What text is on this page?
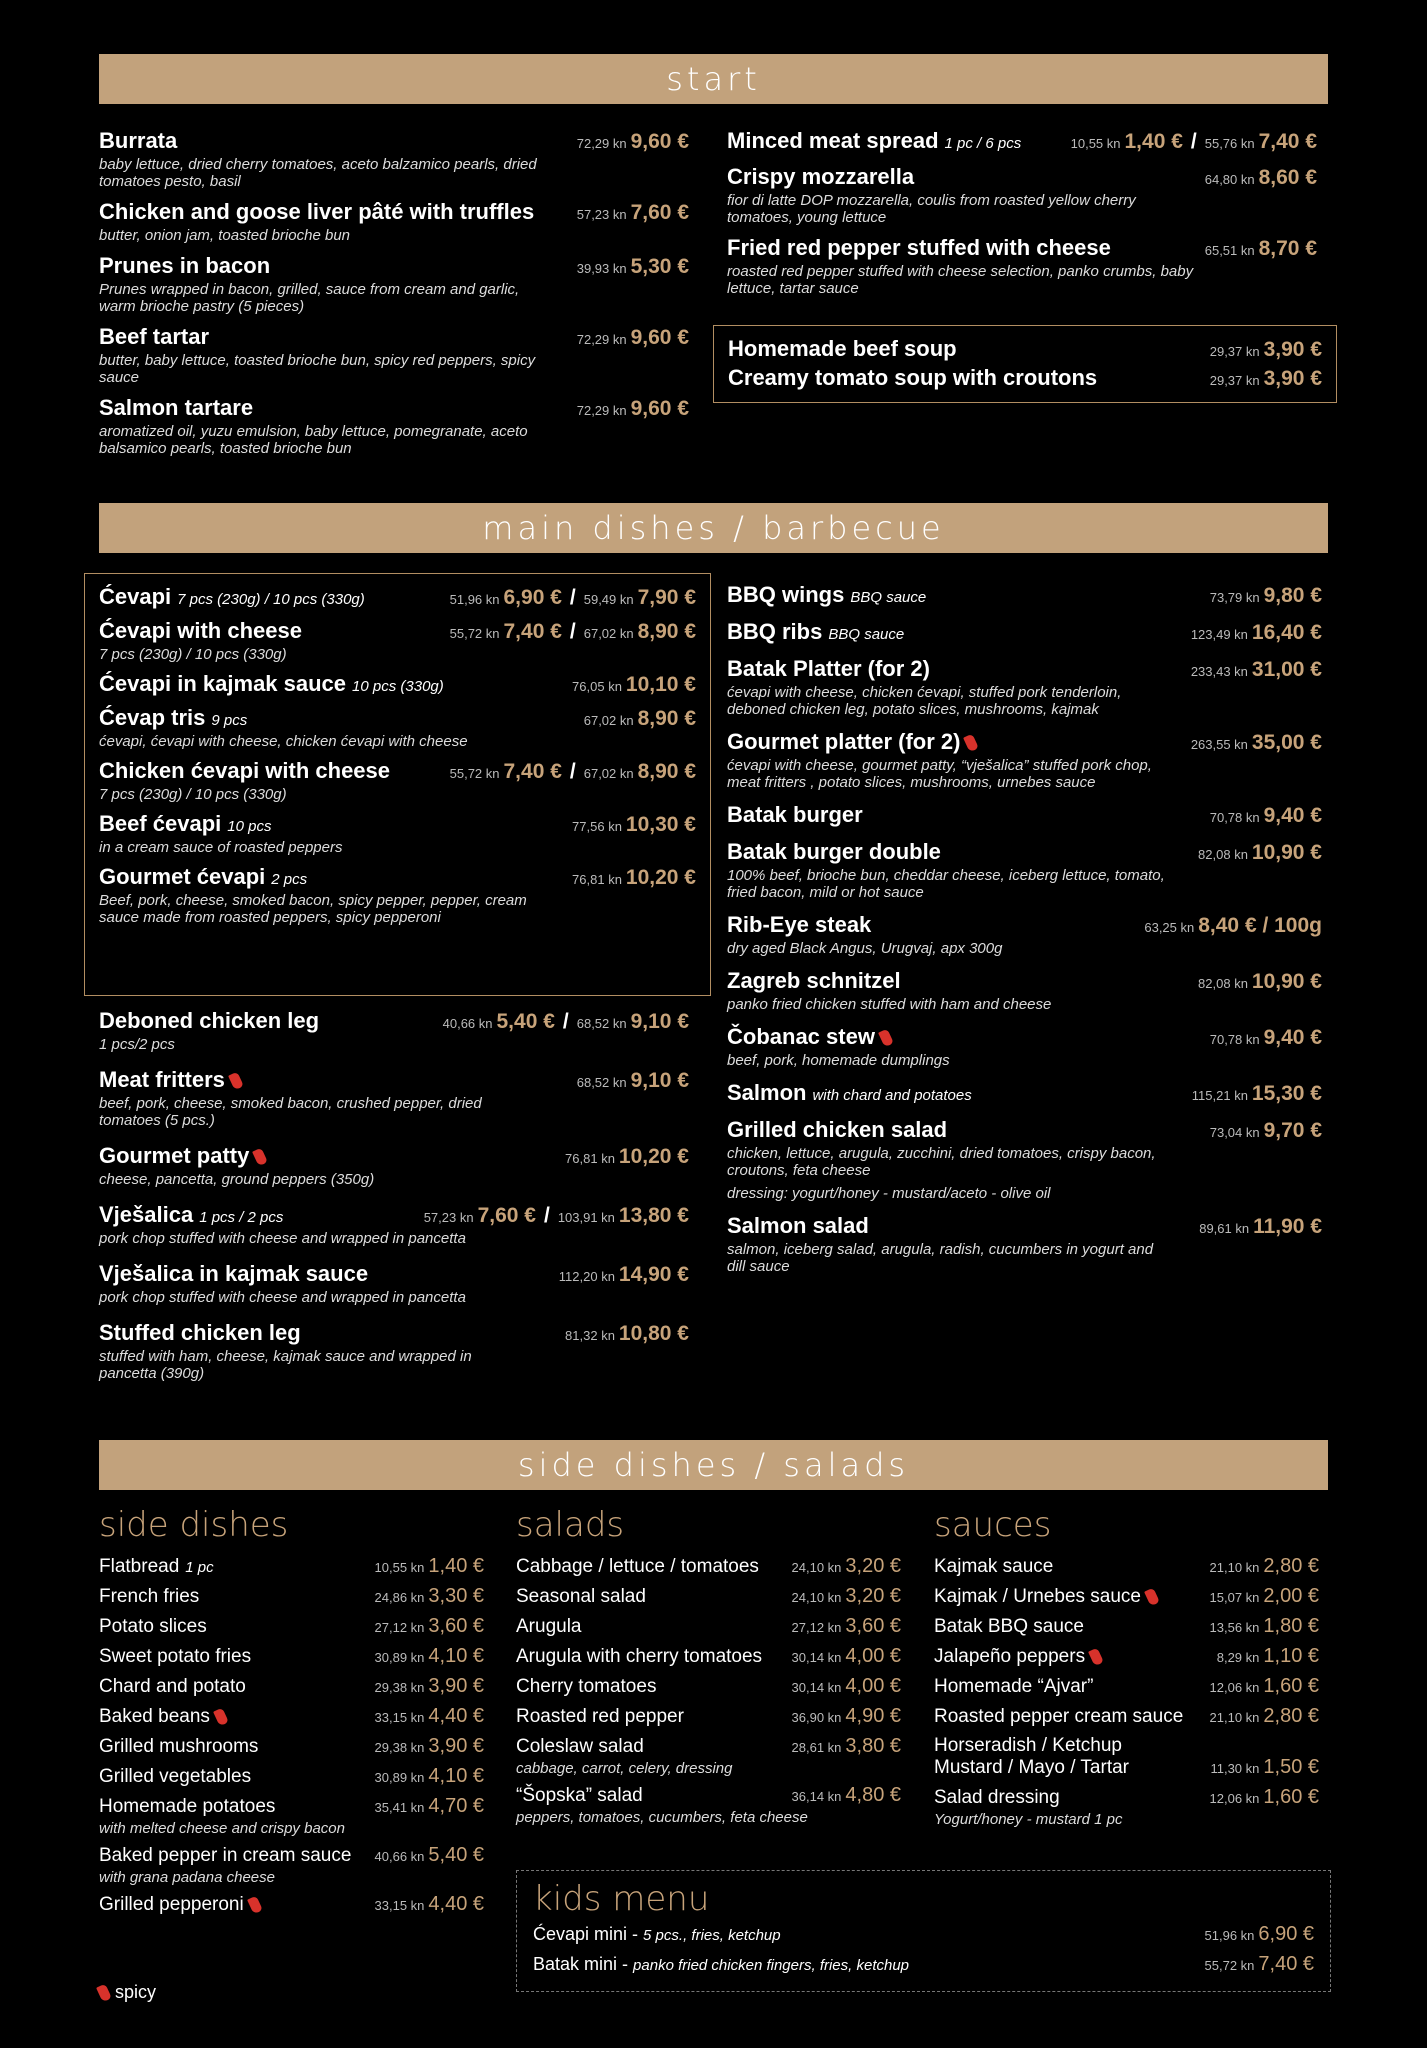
start
main dishes / barbecue
side dishes / salads
Burrata	72,29 kn 9,60 €
baby lettuce, dried cherry tomatoes, aceto balzamico pearls, dried tomatoes pesto, basil
Chicken and goose liver pâté with truffles	57,23 kn 7,60 €
butter, onion jam, toasted brioche bun
Prunes in bacon	39,93 kn 5,30 €
Prunes wrapped in bacon, grilled, sauce from cream and garlic, warm brioche pastry (5 pieces)
Beef tartar	72,29 kn 9,60 €
butter, baby lettuce, toasted brioche bun, spicy red peppers, spicy sauce
Salmon tartare	72,29 kn 9,60 €
aromatized oil, yuzu emulsion, baby lettuce, pomegranate, aceto balsamico pearls, toasted brioche bun
Minced meat spread 1 pc / 6 pcs	10,55 kn 1,40 € / 55,76 kn 7,40 €
Crispy mozzarella	64,80 kn 8,60 €
fior di latte DOP mozzarella, coulis from roasted yellow cherry tomatoes, young lettuce
Fried red pepper stuffed with cheese	65,51 kn 8,70 €
roasted red pepper stuffed with cheese selection, panko crumbs, baby lettuce, tartar sauce
Homemade beef soup	29,37 kn 3,90 €
Creamy tomato soup with croutons	29,37 kn 3,90 €
Ćevapi 7 pcs (230g) / 10 pcs (330g)	51,96 kn 6,90 € / 59,49 kn 7,90 €
Ćevapi with cheese	55,72 kn 7,40 € / 67,02 kn 8,90 €
7 pcs (230g) / 10 pcs (330g)
Ćevapi in kajmak sauce 10 pcs (330g)	76,05 kn 10,10 €
Ćevap tris 9 pcs	67,02 kn 8,90 €
ćevapi, ćevapi with cheese, chicken ćevapi with cheese
Chicken ćevapi with cheese	55,72 kn 7,40 € / 67,02 kn 8,90 €
7 pcs (230g) / 10 pcs (330g)
Beef ćevapi 10 pcs	77,56 kn 10,30 €
in a cream sauce of roasted peppers
Gourmet ćevapi 2 pcs	76,81 kn 10,20 €
Beef, pork, cheese, smoked bacon, spicy pepper, pepper, cream sauce made from roasted peppers, spicy pepperoni
Deboned chicken leg	40,66 kn 5,40 € / 68,52 kn 9,10 €
1 pcs/2 pcs
Meat fritters	68,52 kn 9,10 €
beef, pork, cheese, smoked bacon, crushed pepper, dried tomatoes (5 pcs.)
Gourmet patty	76,81 kn 10,20 €
cheese, pancetta, ground peppers (350g)
Vješalica 1 pcs / 2 pcs	57,23 kn 7,60 € / 103,91 kn 13,80 €
pork chop stuffed with cheese and wrapped in pancetta
Vješalica in kajmak sauce	112,20 kn 14,90 €
pork chop stuffed with cheese and wrapped in pancetta
Stuffed chicken leg	81,32 kn 10,80 €
stuffed with ham, cheese, kajmak sauce and wrapped in pancetta (390g)
BBQ wings BBQ sauce	73,79 kn 9,80 €
BBQ ribs BBQ sauce	123,49 kn 16,40 €
Batak Platter (for 2)	233,43 kn 31,00 €
ćevapi with cheese, chicken ćevapi, stuffed pork tenderloin, deboned chicken leg, potato slices, mushrooms, kajmak
Gourmet platter (for 2)	263,55 kn 35,00 €
ćevapi with cheese, gourmet patty, “vješalica” stuffed pork chop, meat fritters , potato slices, mushrooms, urnebes sauce
Batak burger	70,78 kn 9,40 €
Batak burger double	82,08 kn 10,90 €
100% beef, brioche bun, cheddar cheese, iceberg lettuce, tomato, fried bacon, mild or hot sauce
Rib-Eye steak	63,25 kn 8,40 € / 100g
dry aged Black Angus, Urugvaj, apx 300g
Zagreb schnitzel	82,08 kn 10,90 €
panko fried chicken stuffed with ham and cheese
Čobanac stew	70,78 kn 9,40 €
beef, pork, homemade dumplings
Salmon with chard and potatoes	115,21 kn 15,30 €
Grilled chicken salad	73,04 kn 9,70 €
chicken, lettuce, arugula, zucchini, dried tomatoes, crispy bacon, croutons, feta cheese
dressing: yogurt/honey - mustard/aceto - olive oil
Salmon salad	89,61 kn 11,90 €
salmon, iceberg salad, arugula, radish, cucumbers in yogurt and dill sauce
side dishes
Flatbread 1 pc	10,55 kn 1,40 €
French fries	24,86 kn 3,30 €
Potato slices	27,12 kn 3,60 €
Sweet potato fries	30,89 kn 4,10 €
Chard and potato	29,38 kn 3,90 €
Baked beans	33,15 kn 4,40 €
Grilled mushrooms	29,38 kn 3,90 €
Grilled vegetables	30,89 kn 4,10 €
Homemade potatoes	35,41 kn 4,70 €
with melted cheese and crispy bacon
Baked pepper in cream sauce 40,66 kn 5,40 €
with grana padana cheese
Grilled pepperoni	33,15 kn 4,40 €
salads
Cabbage / lettuce / tomatoes	24,10 kn 3,20 €
Seasonal salad	24,10 kn 3,20 €
Arugula	27,12 kn 3,60 €
Arugula with cherry tomatoes 30,14 kn 4,00 €
Cherry tomatoes	30,14 kn 4,00 €
Roasted red pepper	36,90 kn 4,90 €
Coleslaw salad	28,61 kn 3,80 €
cabbage, carrot, celery, dressing
“Šopska” salad	36,14 kn 4,80 €
peppers, tomatoes, cucumbers, feta cheese
sauces
Kajmak sauce	21,10 kn 2,80 €
Kajmak / Urnebes sauce	15,07 kn 2,00 €
Batak BBQ sauce	13,56 kn 1,80 €
Jalapeño peppers	8,29 kn 1,10 €
Homemade “Ajvar”	12,06 kn 1,60 €
Roasted pepper cream sauce 21,10 kn 2,80 €
Horseradish / Ketchup
Mustard / Mayo / Tartar	11,30 kn 1,50 €
Salad dressing	12,06 kn 1,60 €
Yogurt/honey - mustard 1 pc
kids menu
Ćevapi mini - 5 pcs., fries, ketchup	51,96 kn 6,90 €
Batak mini - panko fried chicken fingers, fries, ketchup	55,72 kn 7,40 €
spicy
